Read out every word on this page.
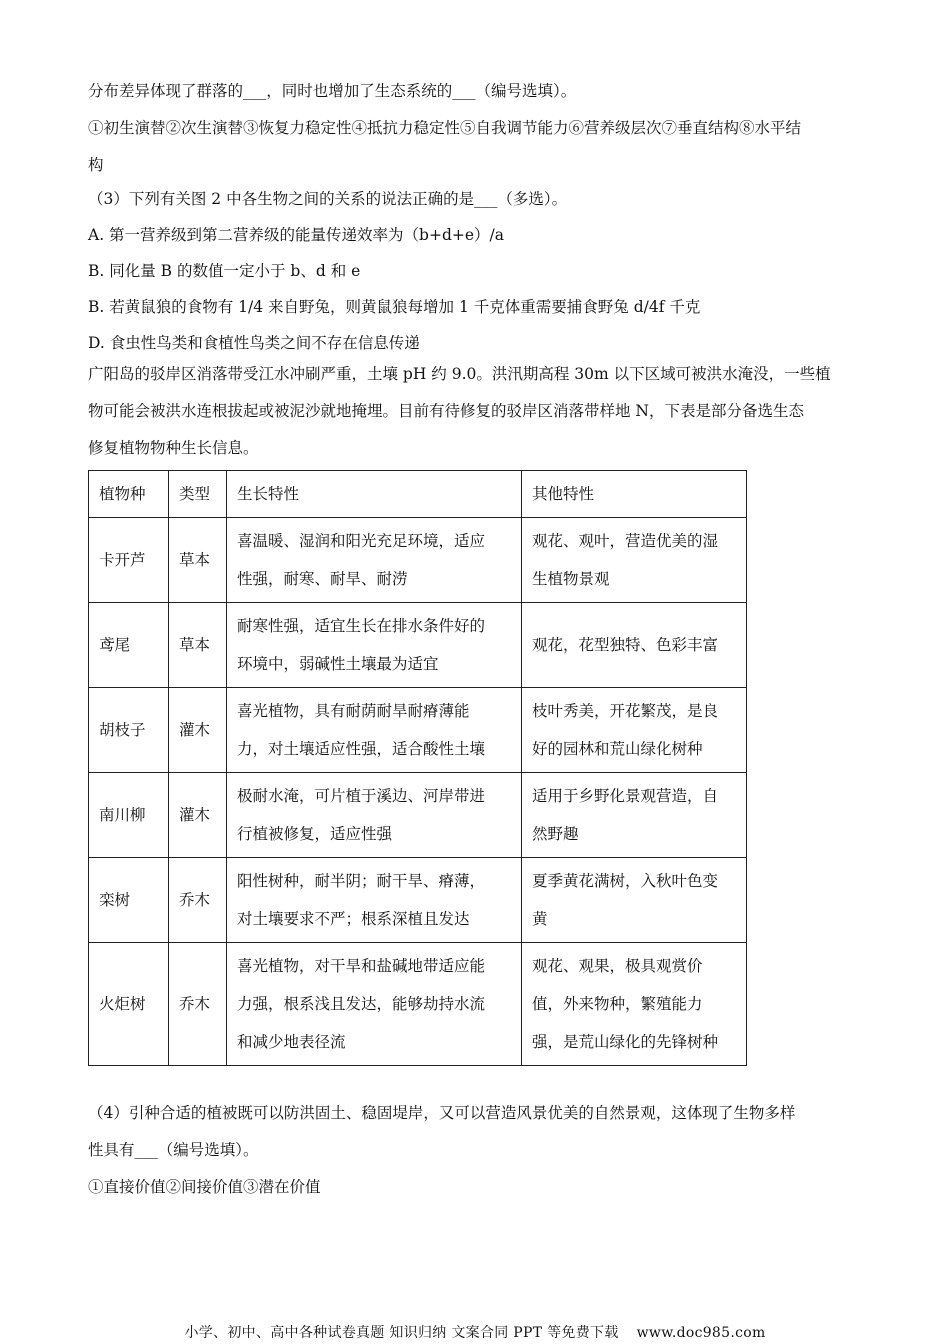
分布差异体现了群落的___，同时也增加了生态系统的___（编号选填）。
①初生演替②次生演替③恢复力稳定性④抵抗力稳定性⑤自我调节能力⑥营养级层次⑦垂直结构⑧水平结
构
（3）下列有关图 2 中各生物之间的关系的说法正确的是___（多选）。
A. 第一营养级到第二营养级的能量传递效率为（b+d+e）/a
B. 同化量 B 的数值一定小于 b、d 和 e
B. 若黄鼠狼的食物有 1/4 来自野兔，则黄鼠狼每增加 1 千克体重需要捕食野兔 d/4f 千克
D. 食虫性鸟类和食植性鸟类之间不存在信息传递
广阳岛的驳岸区消落带受江水冲刷严重，土壤 pH 约 9.0。洪汛期高程 30m 以下区域可被洪水淹没，一些植
物可能会被洪水连根拔起或被泥沙就地掩埋。目前有待修复的驳岸区消落带样地 N，下表是部分备选生态
修复植物物种生长信息。
植物种	类型	生长特性	其他特性
卡开芦	草本	喜温暖、湿润和阳光充足环境，适应
性强，耐寒、耐旱、耐涝	观花、观叶，营造优美的湿
生植物景观

鸢尾	草本	耐寒性强，适宜生长在排水条件好的
环境中，弱碱性土壤最为适宜	观花，花型独特、色彩丰富

胡枝子	灌木	喜光植物，具有耐荫耐旱耐瘠薄能
力，对土壤适应性强，适合酸性土壤	枝叶秀美，开花繁茂，是良
好的园林和荒山绿化树种

南川柳	灌木	极耐水淹，可片植于溪边、河岸带进
行植被修复，适应性强	适用于乡野化景观营造，自
然野趣

栾树	乔木	阳性树种，耐半阴；耐干旱、瘠薄，
对土壤要求不严；根系深植且发达	夏季黄花满树，入秋叶色变
黄

火炬树	乔木	喜光植物，对干旱和盐碱地带适应能
力强，根系浅且发达，能够劫持水流
和减少地表径流	观花、观果，极具观赏价
值，外来物种，繁殖能力
强，是荒山绿化的先锋树种
（4）引种合适的植被既可以防洪固土、稳固堤岸，又可以营造风景优美的自然景观，这体现了生物多样
性具有___（编号选填）。
①直接价值②间接价值③潜在价值
小学、初中、高中各种试卷真题 知识归纳 文案合同 PPT 等免费下载 www.doc985.com
